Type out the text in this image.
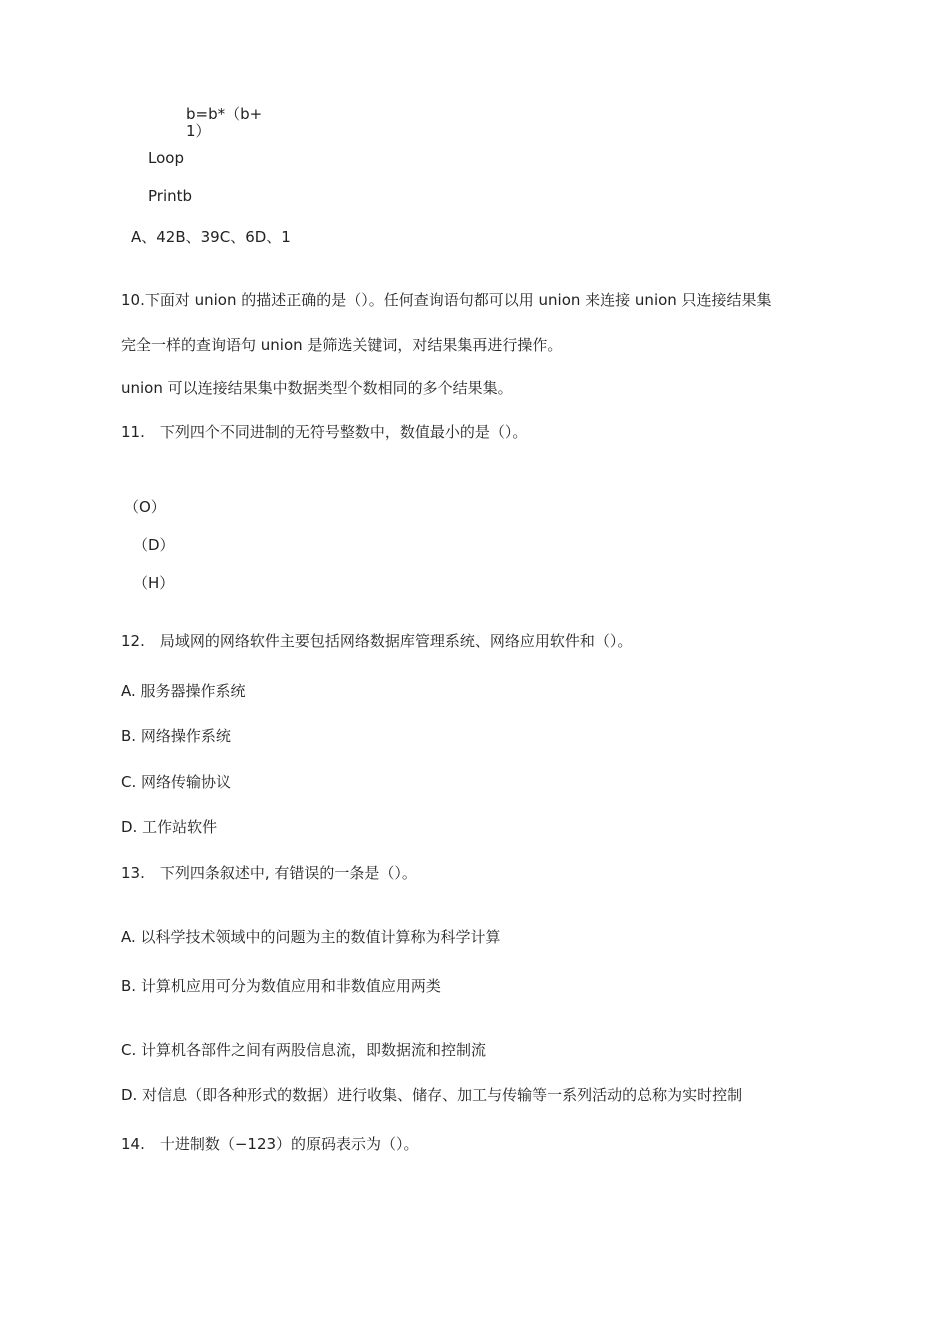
b=b*（b+
1）
Loop
Printb
A、42B、39C、6D、1
10.下面对 union 的描述正确的是（）。任何查询语句都可以用 union 来连接 union 只连接结果集
完全一样的查询语句 union 是筛选关键词，对结果集再进行操作。
union 可以连接结果集中数据类型个数相同的多个结果集。
11.　下列四个不同进制的无符号整数中，数值最小的是（）。
（O）
（D）
（H）
12.　局域网的网络软件主要包括网络数据库管理系统、网络应用软件和（）。
A. 服务器操作系统
B. 网络操作系统
C. 网络传输协议
D. 工作站软件
13.　下列四条叙述中, 有错误的一条是（）。
A. 以科学技术领域中的问题为主的数值计算称为科学计算
B. 计算机应用可分为数值应用和非数值应用两类
C. 计算机各部件之间有两股信息流，即数据流和控制流
D. 对信息（即各种形式的数据）进行收集、储存、加工与传输等一系列活动的总称为实时控制
14.　十进制数（−123）的原码表示为（）。
